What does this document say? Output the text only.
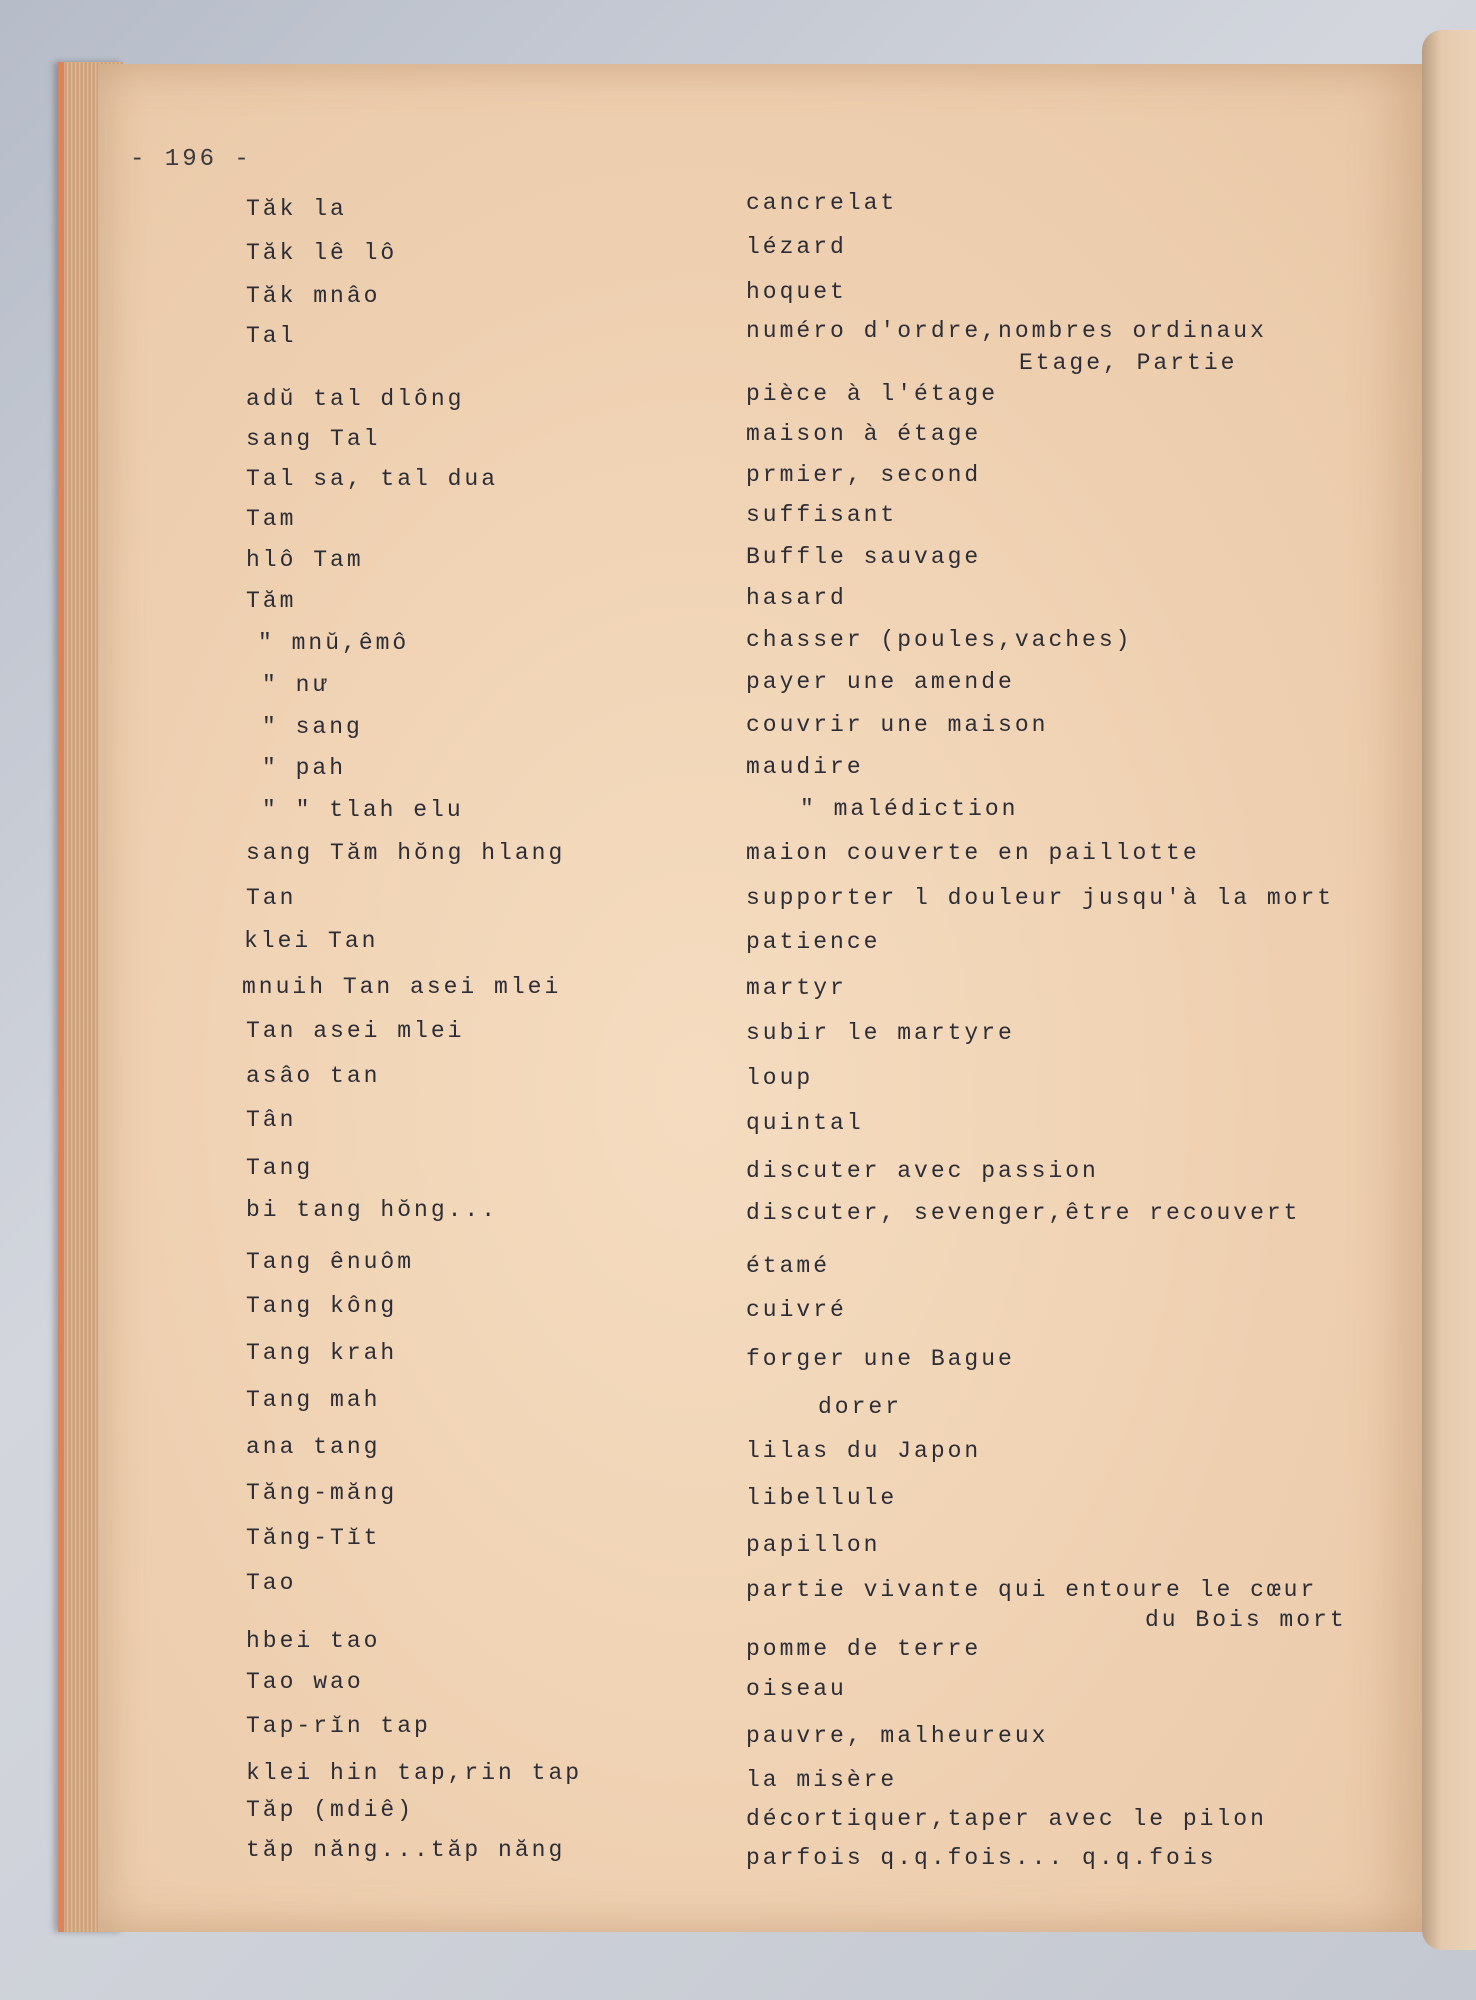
- 196 -
Tăk la	cancrelat
Tăk lê lô	lézard
Tăk mnâo	hoquet
Tal	numéro d'ordre,nombres ordinaux
Etage, Partie
adŭ tal dlông	pièce à l'étage
sang Tal	maison à étage
Tal sa, tal dua	prmier, second
Tam	suffisant
hlô Tam	Buffle sauvage
Tăm	hasard
" mnŭ,êmô	chasser (poules,vaches)
" nư	payer une amende
" sang	couvrir une maison
" pah	maudire
" " tlah elu	" malédiction
sang Tăm hŏng hlang	maion couverte en paillotte
Tan	supporter l douleur jusqu'à la mort
klei Tan	patience
mnuih Tan asei mlei	martyr
Tan asei mlei	subir le martyre
asâo tan	loup
Tân	quintal
Tang	discuter avec passion
bi tang hŏng...	discuter, sevenger,être recouvert
Tang ênuôm	étamé
Tang kông	cuivré
Tang krah	forger une Bague
Tang mah	dorer
ana tang	lilas du Japon
Tăng-măng	libellule
Tăng-Tĭt	papillon
Tao	partie vivante qui entoure le cœur
du Bois mort
hbei tao	pomme de terre
Tao wao	oiseau
Tap-rĭn tap	pauvre, malheureux
klei hin tap,rin tap	la misère
Tăp (mdiê)	décortiquer,taper avec le pilon
tăp năng...tăp năng	parfois q.q.fois... q.q.fois
